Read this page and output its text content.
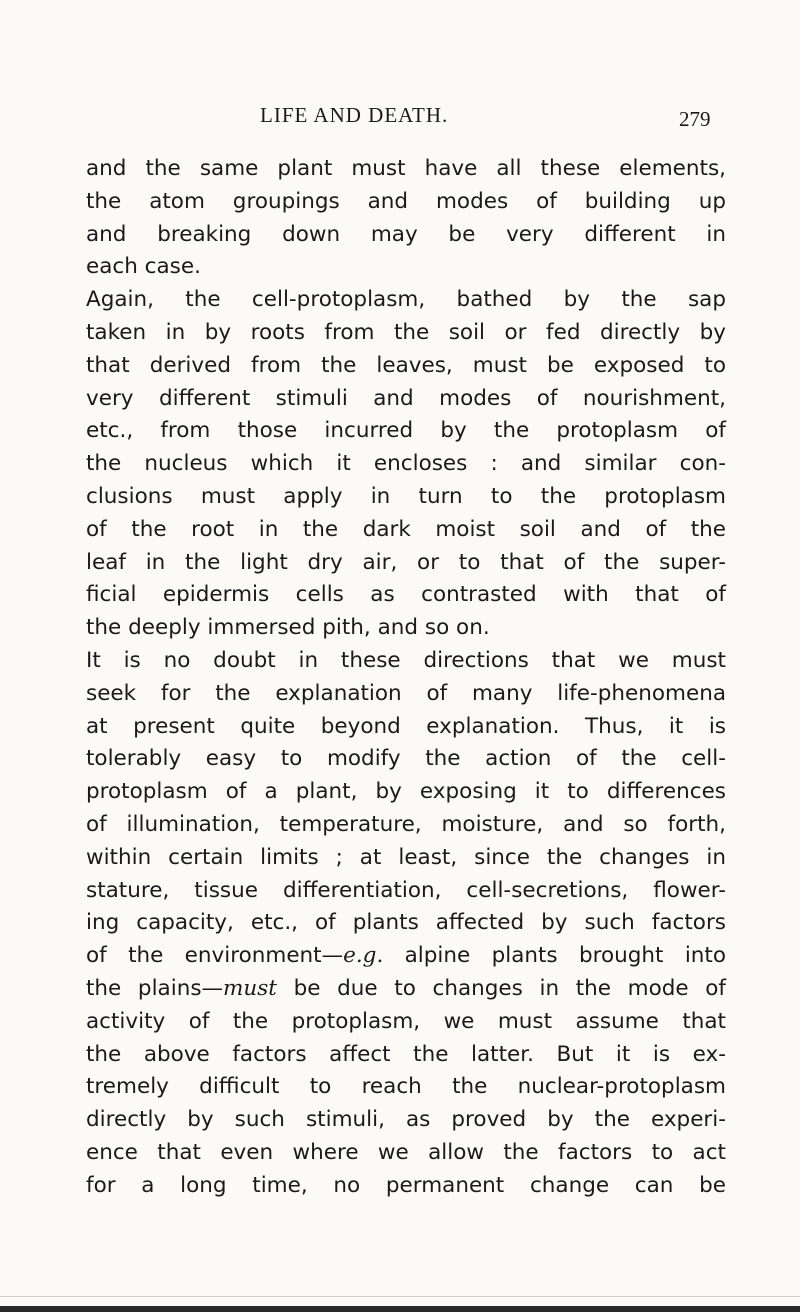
LIFE AND DEATH.	279
and the same plant must have all these elements,
the atom groupings and modes of building up
and breaking down may be very different in
each case.
Again, the cell-protoplasm, bathed by the sap
taken in by roots from the soil or fed directly by
that derived from the leaves, must be exposed to
very different stimuli and modes of nourishment,
etc., from those incurred by the protoplasm of
the nucleus which it encloses : and similar con-
clusions must apply in turn to the protoplasm
of the root in the dark moist soil and of the
leaf in the light dry air, or to that of the super-
ficial epidermis cells as contrasted with that of
the deeply immersed pith, and so on.
It is no doubt in these directions that we must
seek for the explanation of many life-phenomena
at present quite beyond explanation. Thus, it is
tolerably easy to modify the action of the cell-
protoplasm of a plant, by exposing it to differences
of illumination, temperature, moisture, and so forth,
within certain limits ; at least, since the changes in
stature, tissue differentiation, cell-secretions, flower-
ing capacity, etc., of plants affected by such factors
of the environment—e.g. alpine plants brought into
the plains—must be due to changes in the mode of
activity of the protoplasm, we must assume that
the above factors affect the latter. But it is ex-
tremely difficult to reach the nuclear-protoplasm
directly by such stimuli, as proved by the experi-
ence that even where we allow the factors to act
for a long time, no permanent change can be
